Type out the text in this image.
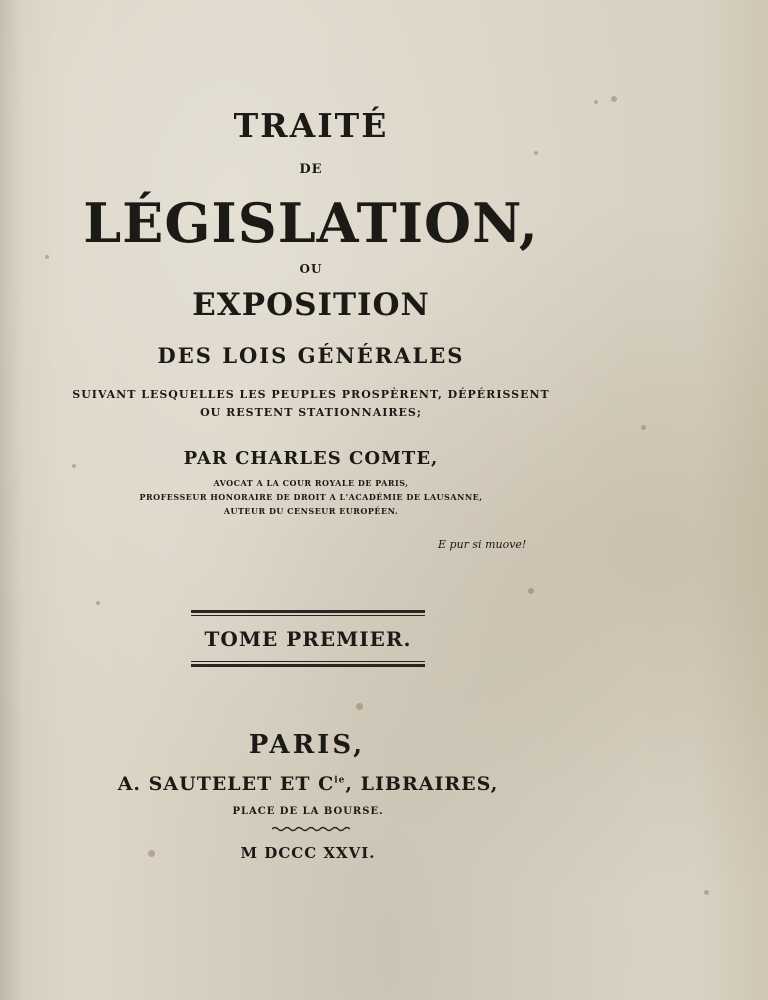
TRAITÉ
DE
LÉGISLATION,
OU
EXPOSITION
DES LOIS GÉNÉRALES
SUIVANT LESQUELLES LES PEUPLES PROSPÈRENT, DÉPÉRISSENT
OU RESTENT STATIONNAIRES;
PAR CHARLES COMTE,
AVOCAT A LA COUR ROYALE DE PARIS,
PROFESSEUR HONORAIRE DE DROIT A L'ACADÉMIE DE LAUSANNE,
AUTEUR DU CENSEUR EUROPÉEN.
E pur si muove!
TOME PREMIER.
PARIS,
A. SAUTELET ET $C^{ie}$, LIBRAIRES,
PLACE DE LA BOURSE.
M DCCC XXVI.
